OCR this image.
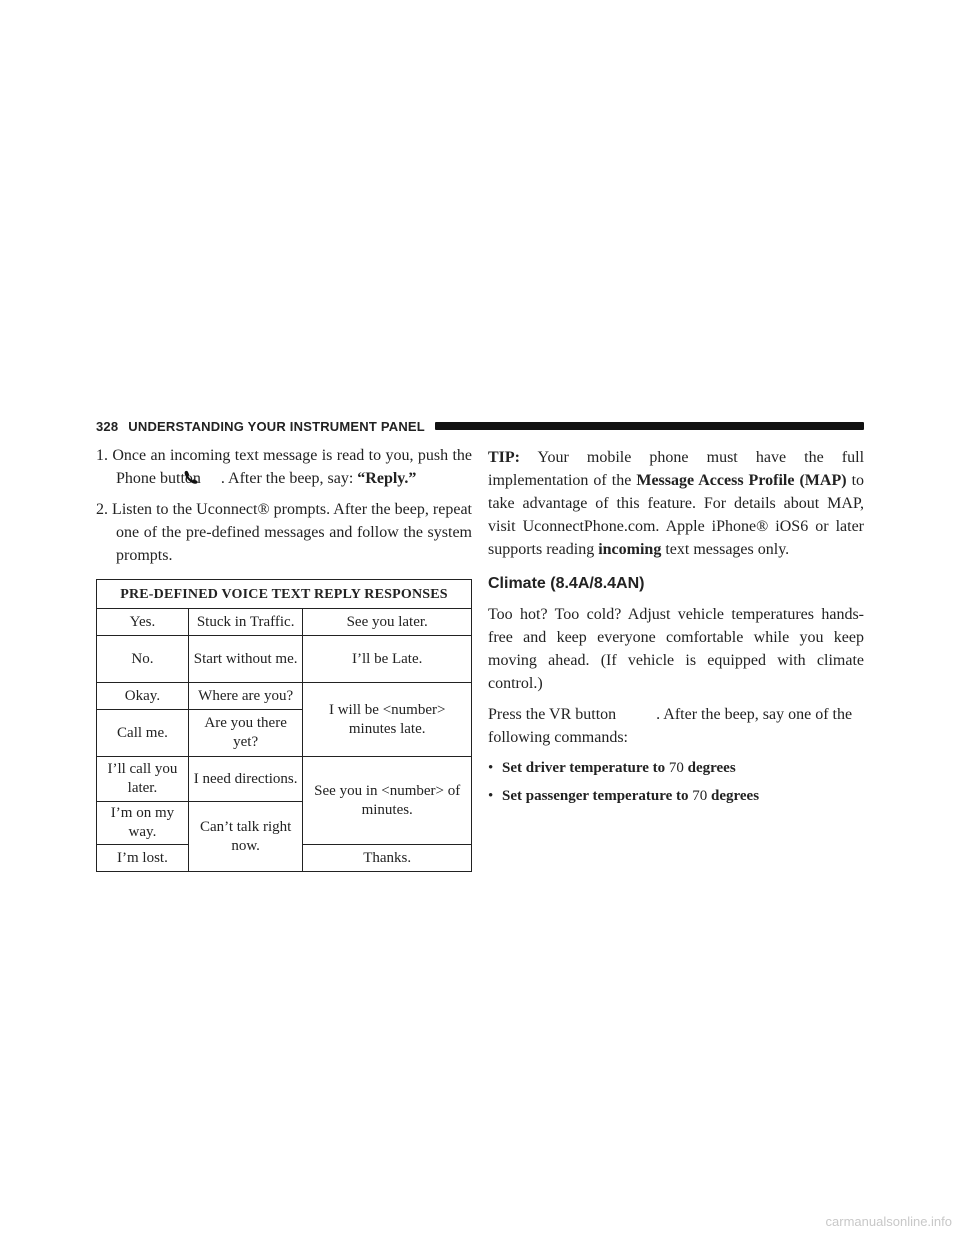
328 UNDERSTANDING YOUR INSTRUMENT PANEL

1. Once an incoming text message is read to you, push the Phone button . After the beep, say: “Reply.”

2. Listen to the Uconnect® prompts. After the beep, repeat one of the pre-defined messages and follow the system prompts.

PRE-DEFINED VOICE TEXT REPLY RESPONSES		
Yes.	Stuck in Traffic.	See you later.
No.	Start without me.	I’ll be Late.
Okay.	Where are you?	I will be <number> minutes late.
Call me.	Are you there yet?	
I’ll call you later.	I need directions.	See you in <number> of minutes.
I’m on my way.	Can’t talk right now.	
I’m lost.		Thanks.

TIP: Your mobile phone must have the full implementation of the Message Access Profile (MAP) to take advantage of this feature. For details about MAP, visit UconnectPhone.com. Apple iPhone® iOS6 or later supports reading incoming text messages only.

Climate (8.4A/8.4AN)

Too hot? Too cold? Adjust vehicle temperatures hands-free and keep everyone comfortable while you keep moving ahead. (If vehicle is equipped with climate control.)

Press the VR button	. After the beep, say one of the following commands:

• Set driver temperature to 70 degrees
• Set passenger temperature to 70 degrees
carmanualsonline.info
